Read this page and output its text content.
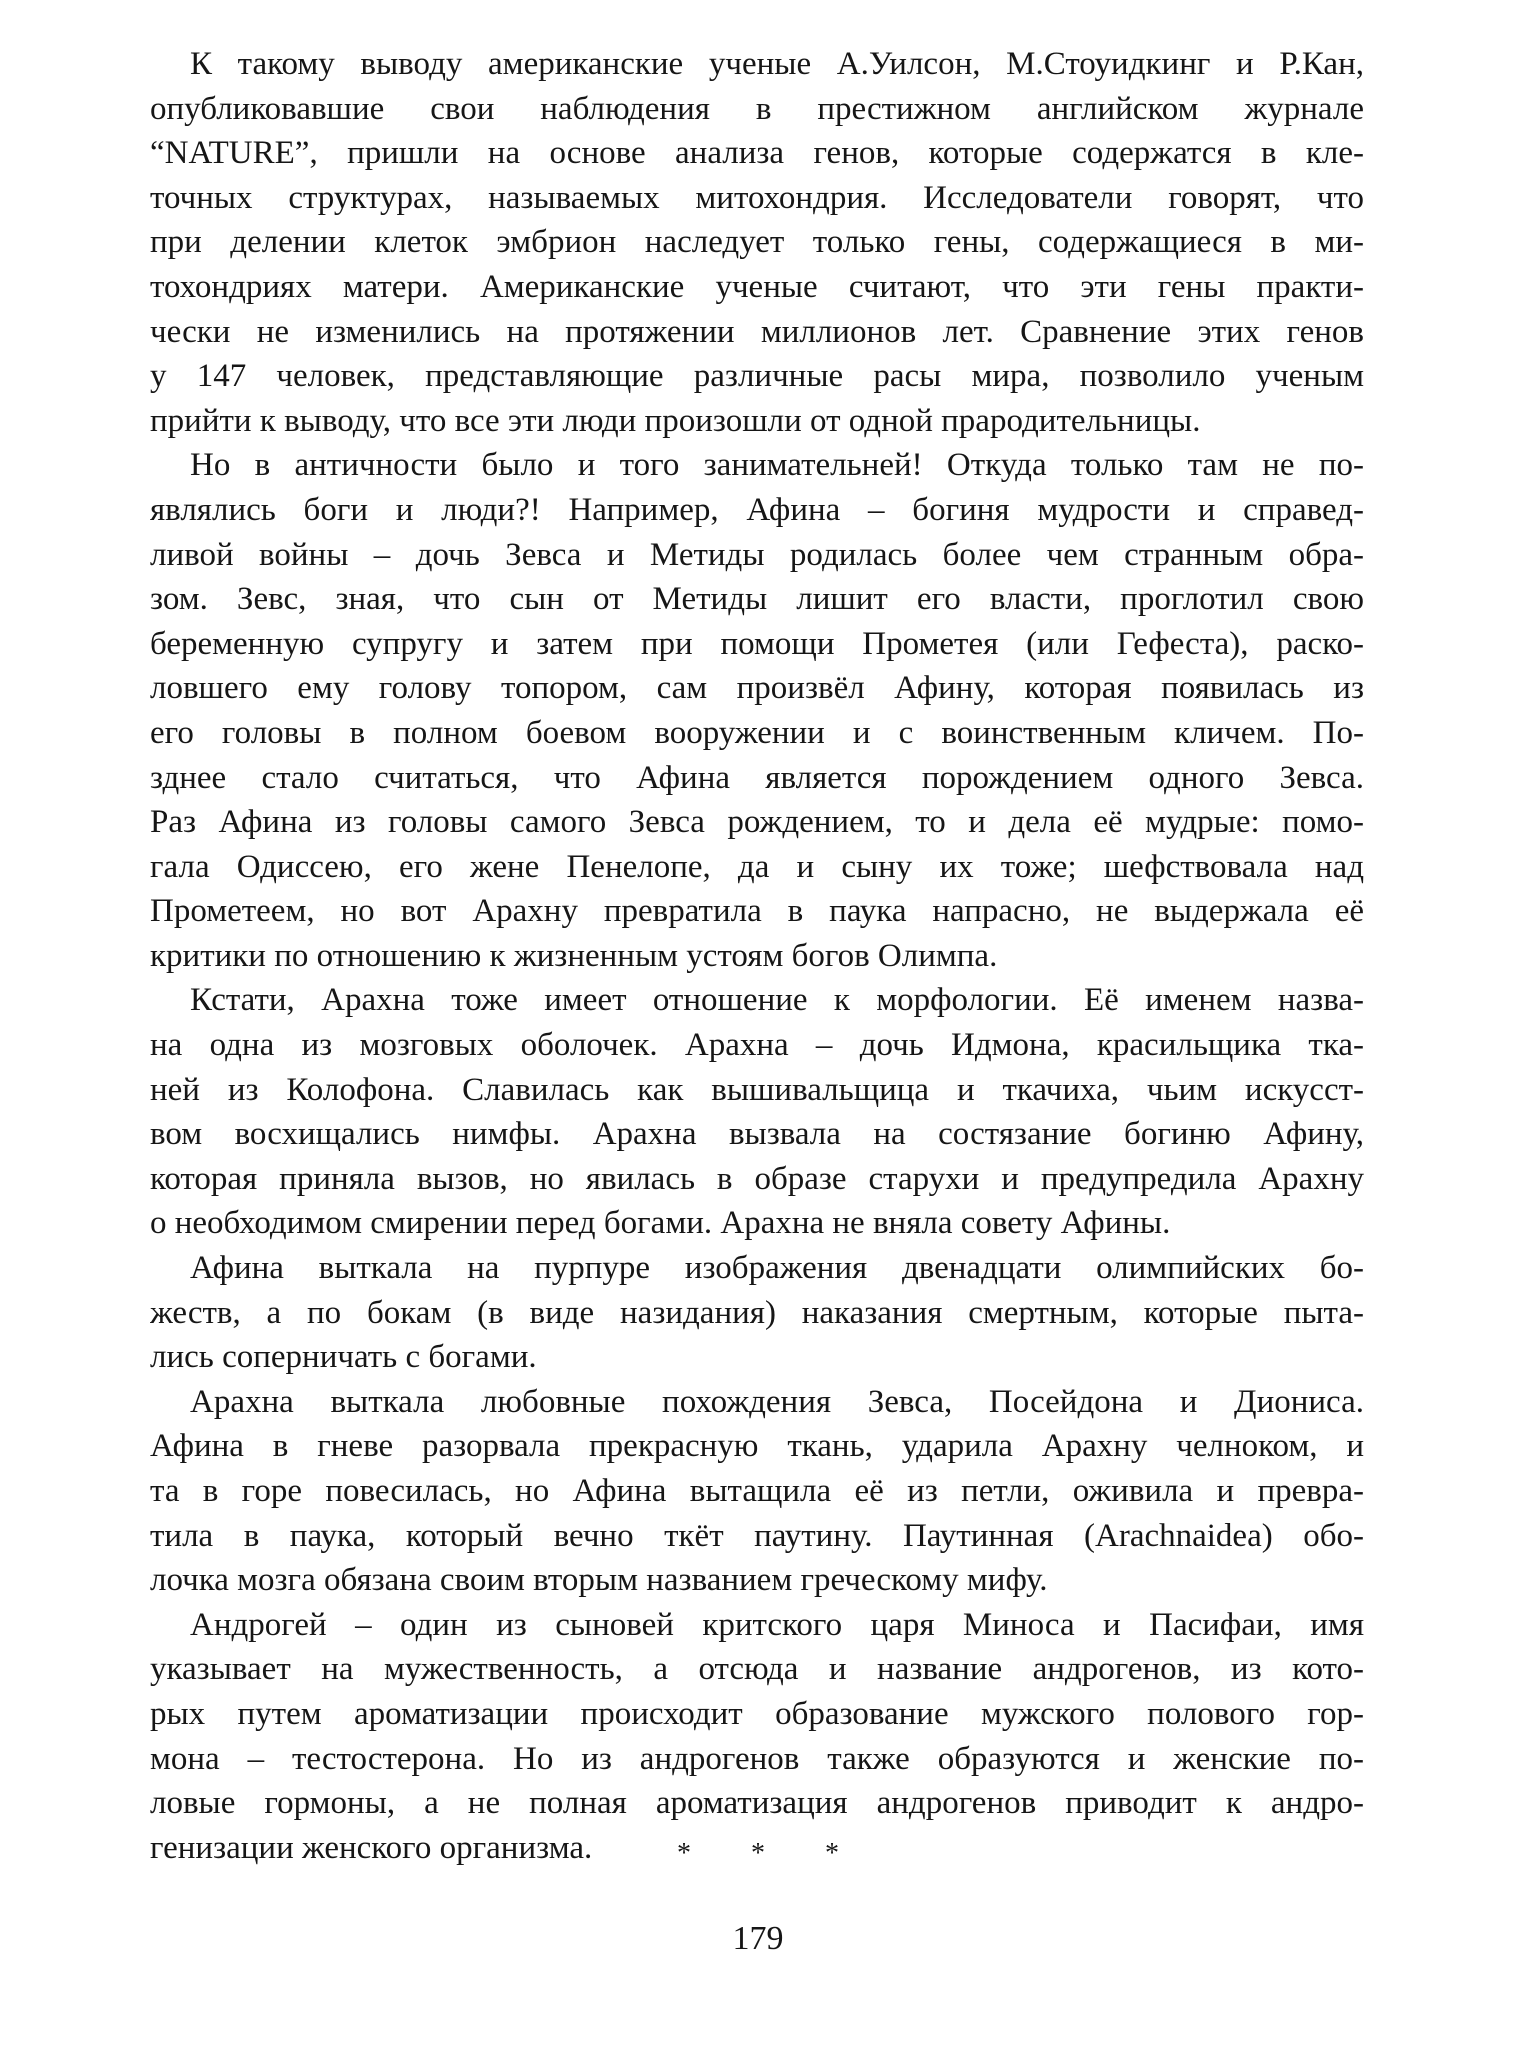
К такому выводу американские ученые А.Уилсон, М.Стоуидкинг и Р.Кан,
опубликовавшие свои наблюдения в престижном английском журнале
“NATURE”, пришли на основе анализа генов, которые содержатся в кле-
точных структурах, называемых митохондрия. Исследователи говорят, что
при делении клеток эмбрион наследует только гены, содержащиеся в ми-
тохондриях матери. Американские ученые считают, что эти гены практи-
чески не изменились на протяжении миллионов лет. Сравнение этих генов
у 147 человек, представляющие различные расы мира, позволило ученым
прийти к выводу, что все эти люди произошли от одной прародительницы.
Но в античности было и того занимательней! Откуда только там не по-
являлись боги и люди?! Например, Афина – богиня мудрости и справед-
ливой войны – дочь Зевса и Метиды родилась более чем странным обра-
зом. Зевс, зная, что сын от Метиды лишит его власти, проглотил свою
беременную супругу и затем при помощи Прометея (или Гефеста), раско-
ловшего ему голову топором, сам произвёл Афину, которая появилась из
его головы в полном боевом вооружении и с воинственным кличем. По-
зднее стало считаться, что Афина является порождением одного Зевса.
Раз Афина из головы самого Зевса рождением, то и дела её мудрые: помо-
гала Одиссею, его жене Пенелопе, да и сыну их тоже; шефствовала над
Прометеем, но вот Арахну превратила в паука напрасно, не выдержала её
критики по отношению к жизненным устоям богов Олимпа.
Кстати, Арахна тоже имеет отношение к морфологии. Её именем назва-
на одна из мозговых оболочек. Арахна – дочь Идмона, красильщика тка-
ней из Колофона. Славилась как вышивальщица и ткачиха, чьим искусст-
вом восхищались нимфы. Арахна вызвала на состязание богиню Афину,
которая приняла вызов, но явилась в образе старухи и предупредила Арахну
о необходимом смирении перед богами. Арахна не вняла совету Афины.
Афина выткала на пурпуре изображения двенадцати олимпийских бо-
жеств, а по бокам (в виде назидания) наказания смертным, которые пыта-
лись соперничать с богами.
Арахна выткала любовные похождения Зевса, Посейдона и Диониса.
Афина в гневе разорвала прекрасную ткань, ударила Арахну челноком, и
та в горе повесилась, но Афина вытащила её из петли, оживила и превра-
тила в паука, который вечно ткёт паутину. Паутинная (Arachnaidea) обо-
лочка мозга обязана своим вторым названием греческому мифу.
Андрогей – один из сыновей критского царя Миноса и Пасифаи, имя
указывает на мужественность, а отсюда и название андрогенов, из кото-
рых путем ароматизации происходит образование мужского полового гор-
мона – тестостерона. Но из андрогенов также образуются и женские по-
ловые гормоны, а не полная ароматизация андрогенов приводит к андро-
генизации женского организма.	* * *
179
